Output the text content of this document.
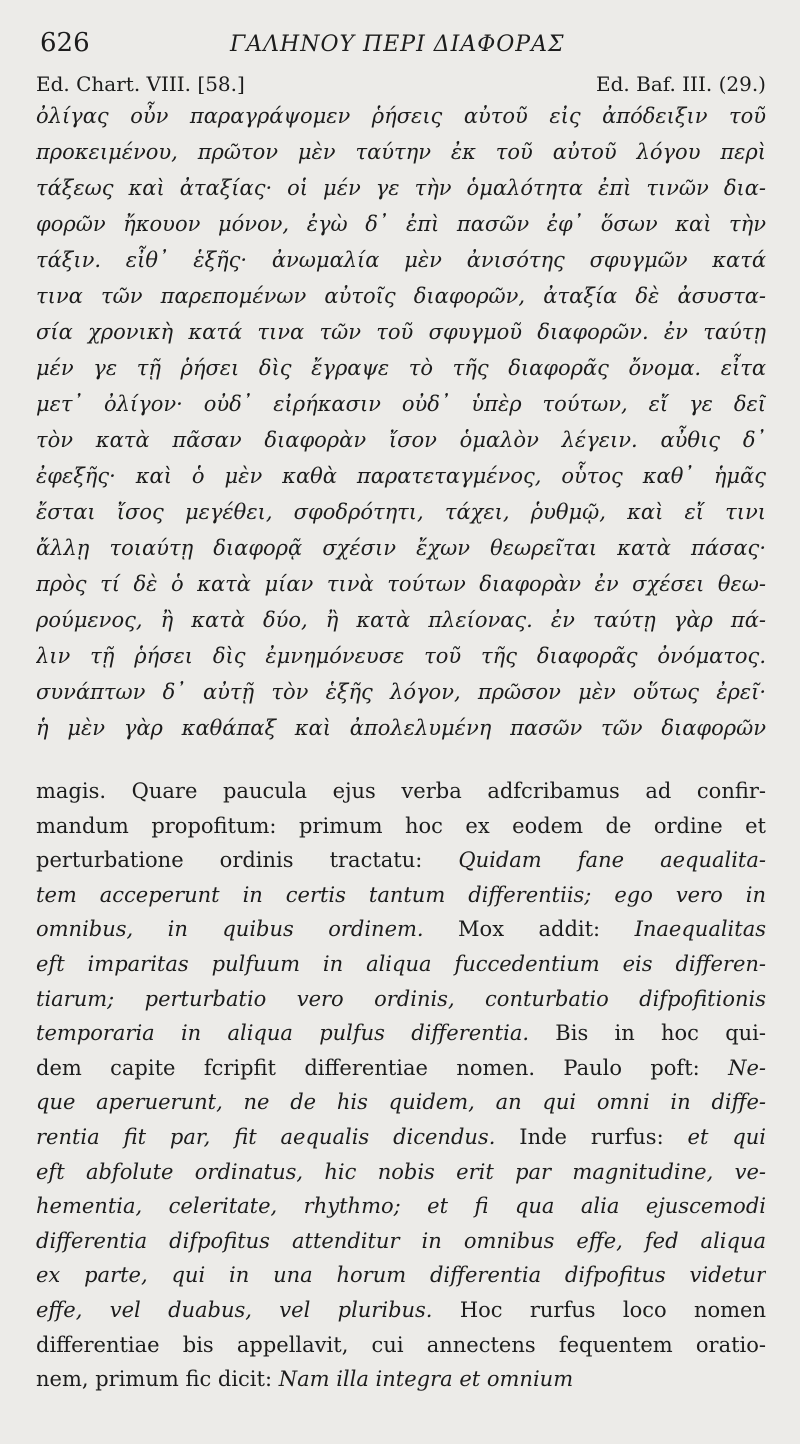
626	ΓΑΛΗΝΟΥ ΠΕΡΙ ΔΙΑΦΟΡΑΣ
Ed. Chart. VIII. [58.]	Ed. Baf. III. (29.)
ὀλίγας οὖν παραγράψομεν ῥήσεις αὐτοῦ εἰς ἀπόδειξιν τοῦ
προκειμένου, πρῶτον μὲν ταύτην ἐκ τοῦ αὐτοῦ λόγου περὶ
τάξεως καὶ ἀταξίας· οἱ μέν γε τὴν ὁμαλότητα ἐπὶ τινῶν δια-
φορῶν ἤκουον μόνον, ἐγὼ δ᾽ ἐπὶ πασῶν ἐφ᾽ ὅσων καὶ τὴν
τάξιν. εἶθ᾽ ἑξῆς· ἀνωμαλία μὲν ἀνισότης σφυγμῶν κατά
τινα τῶν παρεπομένων αὐτοῖς διαφορῶν, ἀταξία δὲ ἀσυστα-
σία χρονικὴ κατά τινα τῶν τοῦ σφυγμοῦ διαφορῶν. ἐν ταύτῃ
μέν γε τῇ ῥήσει δὶς ἔγραψε τὸ τῆς διαφορᾶς ὄνομα. εἶτα
μετ᾽ ὀλίγον· οὐδ᾽ εἰρήκασιν οὐδ᾽ ὑπὲρ τούτων, εἴ γε δεῖ
τὸν κατὰ πᾶσαν διαφορὰν ἴσον ὁμαλὸν λέγειν. αὖθις δ᾽
ἐφεξῆς· καὶ ὁ μὲν καθὰ παρατεταγμένος, οὗτος καθ᾽ ἡμᾶς
ἔσται ἴσος μεγέθει, σφοδρότητι, τάχει, ῥυθμῷ, καὶ εἴ τινι
ἄλλῃ τοιαύτῃ διαφορᾷ σχέσιν ἔχων θεωρεῖται κατὰ πάσας·
πρὸς τί δὲ ὁ κατὰ μίαν τινὰ τούτων διαφορὰν ἐν σχέσει θεω-
ρούμενος, ἢ κατὰ δύο, ἢ κατὰ πλείονας. ἐν ταύτῃ γὰρ πά-
λιν τῇ ῥήσει δὶς ἐμνημόνευσε τοῦ τῆς διαφορᾶς ὀνόματος.
συνάπτων δ᾽ αὐτῇ τὸν ἑξῆς λόγον, πρῶσον μὲν οὕτως ἐρεῖ·
ἡ μὲν γὰρ καθάπαξ καὶ ἀπολελυμένη πασῶν τῶν διαφορῶν
magis. Quare paucula ejus verba adfcribamus ad confir-
mandum propofitum: primum hoc ex eodem de ordine et
perturbatione ordinis tractatu: Quidam fane aequalita-
tem acceperunt in certis tantum differentiis; ego vero in
omnibus, in quibus ordinem. Mox addit: Inaequalitas
eft imparitas pulfuum in aliqua fuccedentium eis differen-
tiarum; perturbatio vero ordinis, conturbatio difpofitionis
temporaria in aliqua pulfus differentia. Bis in hoc qui-
dem capite fcripfit differentiae nomen. Paulo poft: Ne-
que aperuerunt, ne de his quidem, an qui omni in diffe-
rentia fit par, fit aequalis dicendus. Inde rurfus: et qui
eft abfolute ordinatus, hic nobis erit par magnitudine, ve-
hementia, celeritate, rhythmo; et fi qua alia ejuscemodi
differentia difpofitus attenditur in omnibus effe, fed aliqua
ex parte, qui in una horum differentia difpofitus videtur
effe, vel duabus, vel pluribus. Hoc rurfus loco nomen
differentiae bis appellavit, cui annectens fequentem oratio-
nem, primum fic dicit: Nam illa integra et omnium
